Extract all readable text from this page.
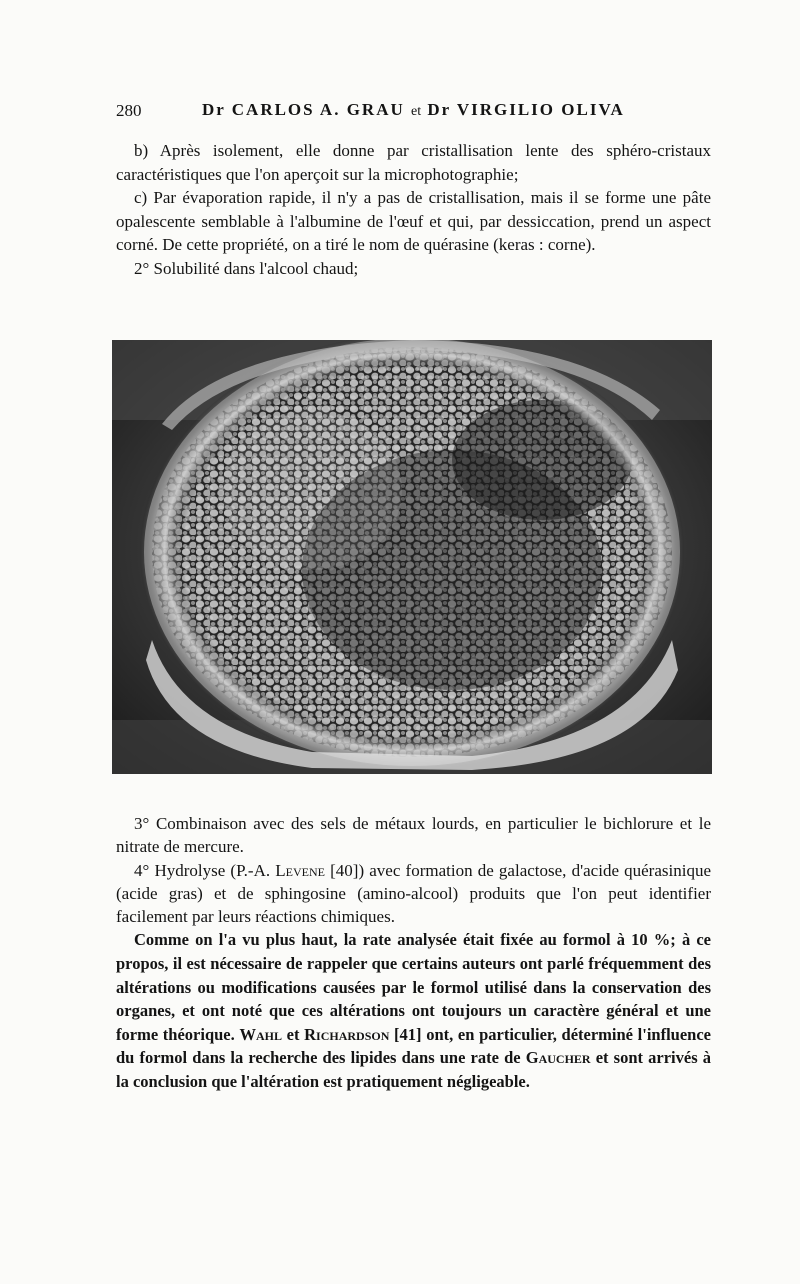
280	Dr CARLOS A. GRAU et Dr VIRGILIO OLIVA

b) Après isolement, elle donne par cristallisation lente des sphéro-cristaux caractéristiques que l'on aperçoit sur la microphotographie;

c) Par évaporation rapide, il n'y a pas de cristallisation, mais il se forme une pâte opalescente semblable à l'albumine de l'œuf et qui, par dessiccation, prend un aspect corné. De cette propriété, on a tiré le nom de quérasine (keras : corne).

2° Solubilité dans l'alcool chaud;

3° Combinaison avec des sels de métaux lourds, en particulier le bichlorure et le nitrate de mercure.

4° Hydrolyse (P.-A. Levene [40]) avec formation de galactose, d'acide quérasinique (acide gras) et de sphingosine (amino-alcool) produits que l'on peut identifier facilement par leurs réactions chimiques.

Comme on l'a vu plus haut, la rate analysée était fixée au formol à 10 %; à ce propos, il est nécessaire de rappeler que certains auteurs ont parlé fréquemment des altérations ou modifications causées par le formol utilisé dans la conservation des organes, et ont noté que ces altérations ont toujours un caractère général et une forme théorique. Wahl et Richardson [41] ont, en particulier, déterminé l'influence du formol dans la recherche des lipides dans une rate de Gaucher et sont arrivés à la conclusion que l'altération est pratiquement négligeable.
